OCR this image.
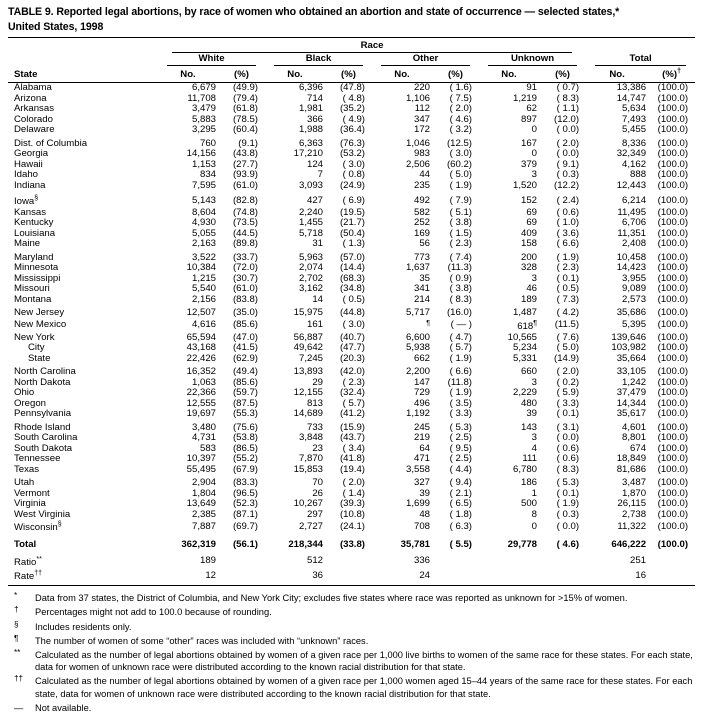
TABLE 9. Reported legal abortions, by race of women who obtained an abortion and state of occurrence — selected states,*
United States, 1998

	Race									

	White		Black		Other		Unknown		Total	

State	No.	(%)	No.	(%)	No.	(%)	No.	(%)	No.	(%)†
Alabama	6,679	(49.9)	6,396	(47.8)	220	( 1.6)	91	( 0.7)	13,386	(100.0)
Arizona	11,708	(79.4)	714	( 4.8)	1,106	( 7.5)	1,219	( 8.3)	14,747	(100.0)
Arkansas	3,479	(61.8)	1,981	(35.2)	112	( 2.0)	62	( 1.1)	5,634	(100.0)
Colorado	5,883	(78.5)	366	( 4.9)	347	( 4.6)	897	(12.0)	7,493	(100.0)
Delaware	3,295	(60.4)	1,988	(36.4)	172	( 3.2)	0	( 0.0)	5,455	(100.0)
Dist. of Columbia	760	(9.1)	6,363	(76.3)	1,046	(12.5)	167	( 2.0)	8,336	(100.0)
Georgia	14,156	(43.8)	17,210	(53.2)	983	( 3.0)	0	( 0.0)	32,349	(100.0)
Hawaii	1,153	(27.7)	124	( 3.0)	2,506	(60.2)	379	( 9.1)	4,162	(100.0)
Idaho	834	(93.9)	7	( 0.8)	44	( 5.0)	3	( 0.3)	888	(100.0)
Indiana	7,595	(61.0)	3,093	(24.9)	235	( 1.9)	1,520	(12.2)	12,443	(100.0)
Iowa§	5,143	(82.8)	427	( 6.9)	492	( 7.9)	152	( 2.4)	6,214	(100.0)
Kansas	8,604	(74.8)	2,240	(19.5)	582	( 5.1)	69	( 0.6)	11,495	(100.0)
Kentucky	4,930	(73.5)	1,455	(21.7)	252	( 3.8)	69	( 1.0)	6,706	(100.0)
Louisiana	5,055	(44.5)	5,718	(50.4)	169	( 1.5)	409	( 3.6)	11,351	(100.0)
Maine	2,163	(89.8)	31	( 1.3)	56	( 2.3)	158	( 6.6)	2,408	(100.0)
Maryland	3,522	(33.7)	5,963	(57.0)	773	( 7.4)	200	( 1.9)	10,458	(100.0)
Minnesota	10,384	(72.0)	2,074	(14.4)	1,637	(11.3)	328	( 2.3)	14,423	(100.0)
Mississippi	1,215	(30.7)	2,702	(68.3)	35	( 0.9)	3	( 0.1)	3,955	(100.0)
Missouri	5,540	(61.0)	3,162	(34.8)	341	( 3.8)	46	( 0.5)	9,089	(100.0)
Montana	2,156	(83.8)	14	( 0.5)	214	( 8.3)	189	( 7.3)	2,573	(100.0)
New Jersey	12,507	(35.0)	15,975	(44.8)	5,717	(16.0)	1,487	( 4.2)	35,686	(100.0)
New Mexico	4,616	(85.6)	161	( 3.0)	¶	( — )	618¶	(11.5)	5,395	(100.0)
New York	65,594	(47.0)	56,887	(40.7)	6,600	( 4.7)	10,565	( 7.6)	139,646	(100.0)
City	43,168	(41.5)	49,642	(47.7)	5,938	( 5.7)	5,234	( 5.0)	103,982	(100.0)
State	22,426	(62.9)	7,245	(20.3)	662	( 1.9)	5,331	(14.9)	35,664	(100.0)
North Carolina	16,352	(49.4)	13,893	(42.0)	2,200	( 6.6)	660	( 2.0)	33,105	(100.0)
North Dakota	1,063	(85.6)	29	( 2.3)	147	(11.8)	3	( 0.2)	1,242	(100.0)
Ohio	22,366	(59.7)	12,155	(32.4)	729	( 1.9)	2,229	( 5.9)	37,479	(100.0)
Oregon	12,555	(87.5)	813	( 5.7)	496	( 3.5)	480	( 3.3)	14,344	(100.0)
Pennsylvania	19,697	(55.3)	14,689	(41.2)	1,192	( 3.3)	39	( 0.1)	35,617	(100.0)
Rhode Island	3,480	(75.6)	733	(15.9)	245	( 5.3)	143	( 3.1)	4,601	(100.0)
South Carolina	4,731	(53.8)	3,848	(43.7)	219	( 2.5)	3	( 0.0)	8,801	(100.0)
South Dakota	583	(86.5)	23	( 3.4)	64	( 9.5)	4	( 0.6)	674	(100.0)
Tennessee	10,397	(55.2)	7,870	(41.8)	471	( 2.5)	111	( 0.6)	18,849	(100.0)
Texas	55,495	(67.9)	15,853	(19.4)	3,558	( 4.4)	6,780	( 8.3)	81,686	(100.0)
Utah	2,904	(83.3)	70	( 2.0)	327	( 9.4)	186	( 5.3)	3,487	(100.0)
Vermont	1,804	(96.5)	26	( 1.4)	39	( 2.1)	1	( 0.1)	1,870	(100.0)
Virginia	13,649	(52.3)	10,267	(39.3)	1,699	( 6.5)	500	( 1.9)	26,115	(100.0)
West Virginia	2,385	(87.1)	297	(10.8)	48	( 1.8)	8	( 0.3)	2,738	(100.0)
Wisconsin§	7,887	(69.7)	2,727	(24.1)	708	( 6.3)	0	( 0.0)	11,322	(100.0)
Total	362,319	(56.1)	218,344	(33.8)	35,781	( 5.5)	29,778	( 4.6)	646,222	(100.0)
Ratio**	189		512		336				251	
Rate††	12		36		24				16	
*	Data from 37 states, the District of Columbia, and New York City; excludes five states where race was reported as unknown for >15% of women.
†	Percentages might not add to 100.0 because of rounding.
§	Includes residents only.
¶	The number of women of some “other” races was included with “unknown” races.
**	Calculated as the number of legal abortions obtained by women of a given race per 1,000 live births to women of the same race for these states. For each state, data for women of unknown race were distributed according to the known racial distribution for that state.
††	Calculated as the number of legal abortions obtained by women of a given race per 1,000 women aged 15–44 years of the same race for these states. For each state, data for women of unknown race were distributed according to the known racial distribution for that state.
—	Not available.
